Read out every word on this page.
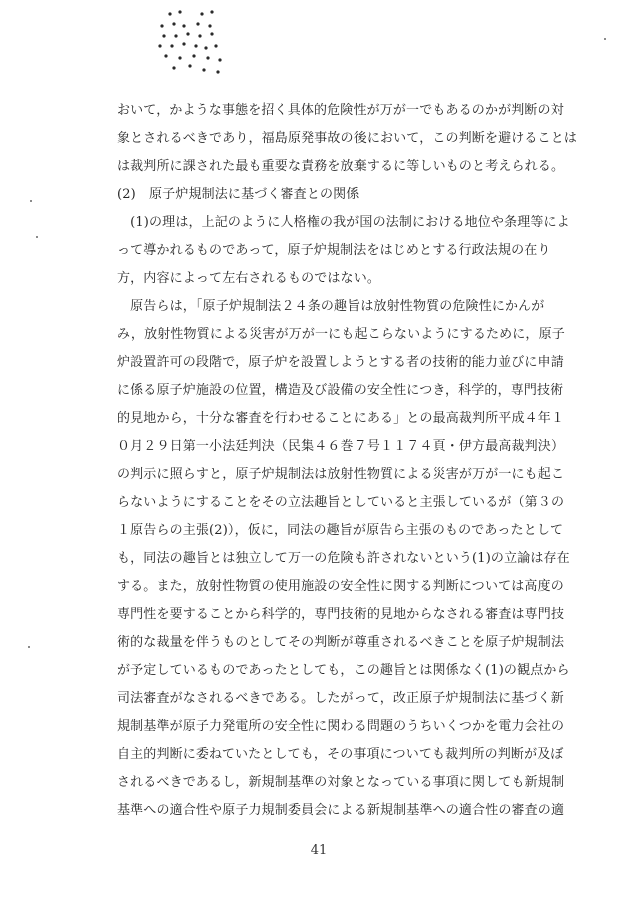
おいて，かような事態を招く具体的危険性が万が一でもあるのかが判断の対
象とされるべきであり，福島原発事故の後において，この判断を避けることは
は裁判所に課された最も重要な責務を放棄するに等しいものと考えられる。
(2)　原子炉規制法に基づく審査との関係
　(1)の理は，上記のように人格権の我が国の法制における地位や条理等によ
って導かれるものであって，原子炉規制法をはじめとする行政法規の在り
方，内容によって左右されるものではない。
　原告らは，「原子炉規制法２４条の趣旨は放射性物質の危険性にかんが
み，放射性物質による災害が万が一にも起こらないようにするために，原子
炉設置許可の段階で，原子炉を設置しようとする者の技術的能力並びに申請
に係る原子炉施設の位置，構造及び設備の安全性につき，科学的，専門技術
的見地から，十分な審査を行わせることにある」との最高裁判所平成４年１
０月２９日第一小法廷判決（民集４６巻７号１１７４頁・伊方最高裁判決）
の判示に照らすと，原子炉規制法は放射性物質による災害が万が一にも起こ
らないようにすることをその立法趣旨としていると主張しているが（第３の
１原告らの主張(2)），仮に，同法の趣旨が原告ら主張のものであったとして
も，同法の趣旨とは独立して万一の危険も許されないという(1)の立論は存在
する。また，放射性物質の使用施設の安全性に関する判断については高度の
専門性を要することから科学的，専門技術的見地からなされる審査は専門技
術的な裁量を伴うものとしてその判断が尊重されるべきことを原子炉規制法
が予定しているものであったとしても，この趣旨とは関係なく(1)の観点から
司法審査がなされるべきである。したがって，改正原子炉規制法に基づく新
規制基準が原子力発電所の安全性に関わる問題のうちいくつかを電力会社の
自主的判断に委ねていたとしても，その事項についても裁判所の判断が及ぼ
されるべきであるし，新規制基準の対象となっている事項に関しても新規制
基準への適合性や原子力規制委員会による新規制基準への適合性の審査の適
41
